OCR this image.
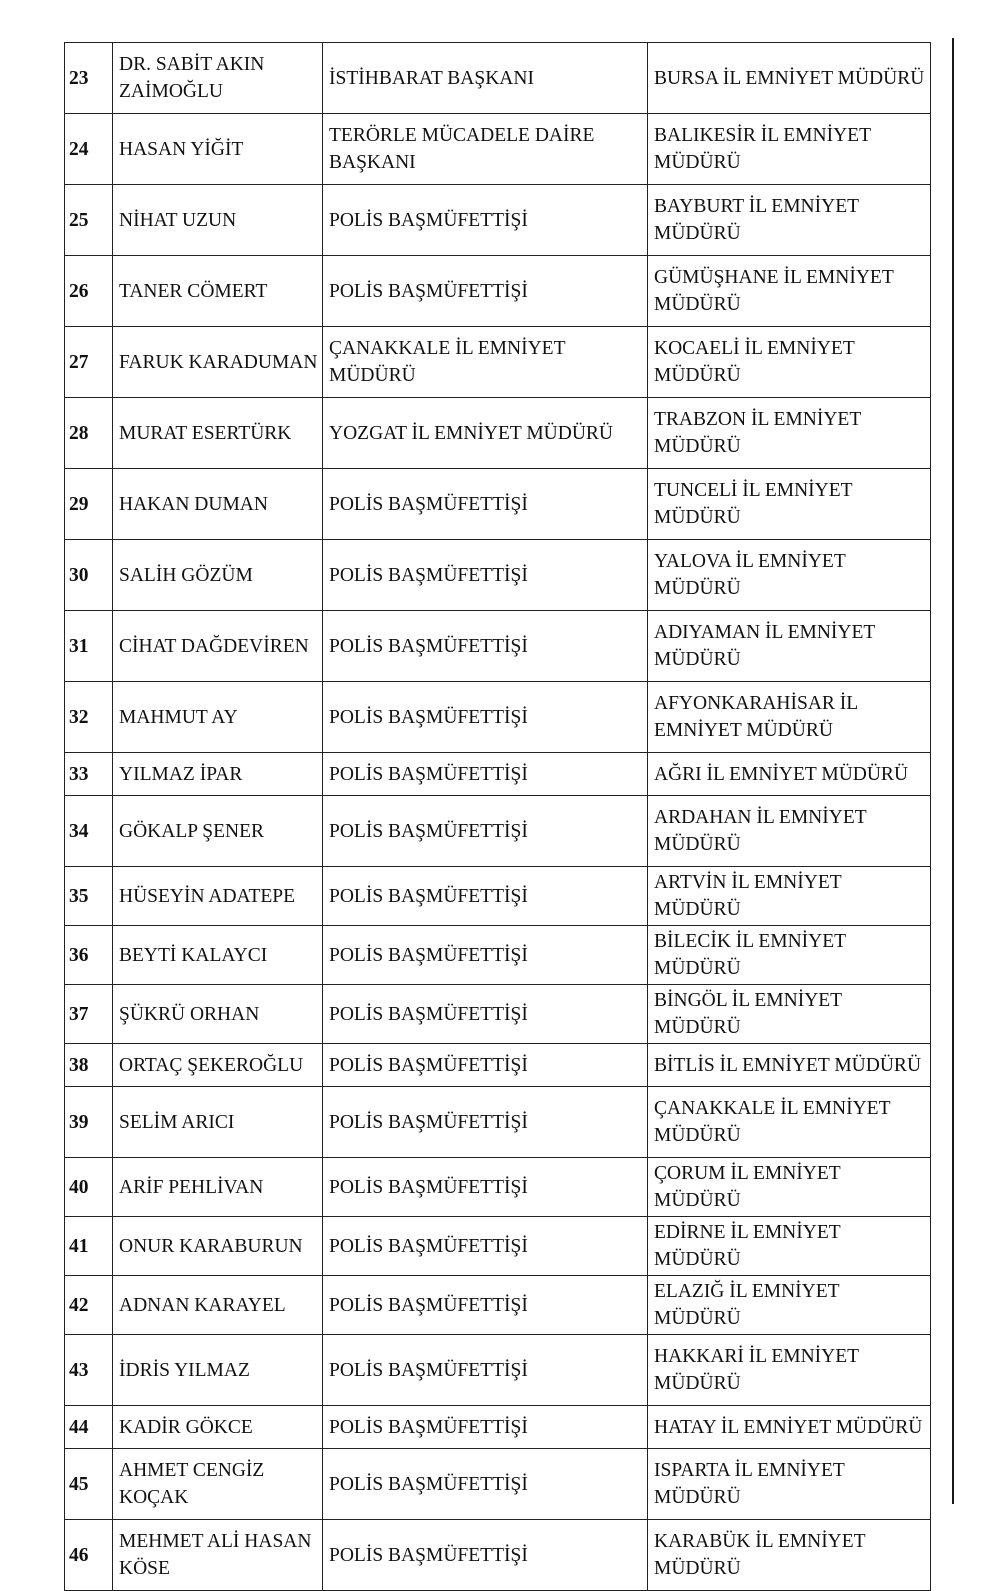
23	DR. SABİT AKIN ZAİMOĞLU	İSTİHBARAT BAŞKANI	BURSA İL EMNİYET MÜDÜRÜ
24	HASAN YİĞİT	TERÖRLE MÜCADELE DAİRE BAŞKANI	BALIKESİR İL EMNİYET MÜDÜRÜ
25	NİHAT UZUN	POLİS BAŞMÜFETTİŞİ	BAYBURT İL EMNİYET MÜDÜRÜ
26	TANER CÖMERT	POLİS BAŞMÜFETTİŞİ	GÜMÜŞHANE İL EMNİYET MÜDÜRÜ
27	FARUK KARADUMAN	ÇANAKKALE İL EMNİYET MÜDÜRÜ	KOCAELİ İL EMNİYET MÜDÜRÜ
28	MURAT ESERTÜRK	YOZGAT İL EMNİYET MÜDÜRÜ	TRABZON İL EMNİYET MÜDÜRÜ
29	HAKAN DUMAN	POLİS BAŞMÜFETTİŞİ	TUNCELİ İL EMNİYET MÜDÜRÜ
30	SALİH GÖZÜM	POLİS BAŞMÜFETTİŞİ	YALOVA İL EMNİYET MÜDÜRÜ
31	CİHAT DAĞDEVİREN	POLİS BAŞMÜFETTİŞİ	ADIYAMAN İL EMNİYET MÜDÜRÜ
32	MAHMUT AY	POLİS BAŞMÜFETTİŞİ	AFYONKARAHİSAR İL EMNİYET MÜDÜRÜ
33	YILMAZ İPAR	POLİS BAŞMÜFETTİŞİ	AĞRI İL EMNİYET MÜDÜRÜ
34	GÖKALP ŞENER	POLİS BAŞMÜFETTİŞİ	ARDAHAN İL EMNİYET MÜDÜRÜ
35	HÜSEYİN ADATEPE	POLİS BAŞMÜFETTİŞİ	ARTVİN İL EMNİYET MÜDÜRÜ
36	BEYTİ KALAYCI	POLİS BAŞMÜFETTİŞİ	BİLECİK İL EMNİYET MÜDÜRÜ
37	ŞÜKRÜ ORHAN	POLİS BAŞMÜFETTİŞİ	BİNGÖL İL EMNİYET MÜDÜRÜ
38	ORTAÇ ŞEKEROĞLU	POLİS BAŞMÜFETTİŞİ	BİTLİS İL EMNİYET MÜDÜRÜ
39	SELİM ARICI	POLİS BAŞMÜFETTİŞİ	ÇANAKKALE İL EMNİYET MÜDÜRÜ
40	ARİF PEHLİVAN	POLİS BAŞMÜFETTİŞİ	ÇORUM İL EMNİYET MÜDÜRÜ
41	ONUR KARABURUN	POLİS BAŞMÜFETTİŞİ	EDİRNE İL EMNİYET MÜDÜRÜ
42	ADNAN KARAYEL	POLİS BAŞMÜFETTİŞİ	ELAZIĞ İL EMNİYET MÜDÜRÜ
43	İDRİS YILMAZ	POLİS BAŞMÜFETTİŞİ	HAKKARİ İL EMNİYET MÜDÜRÜ
44	KADİR GÖKCE	POLİS BAŞMÜFETTİŞİ	HATAY İL EMNİYET MÜDÜRÜ
45	AHMET CENGİZ KOÇAK	POLİS BAŞMÜFETTİŞİ	ISPARTA İL EMNİYET MÜDÜRÜ
46	MEHMET ALİ HASAN KÖSE	POLİS BAŞMÜFETTİŞİ	KARABÜK İL EMNİYET MÜDÜRÜ
